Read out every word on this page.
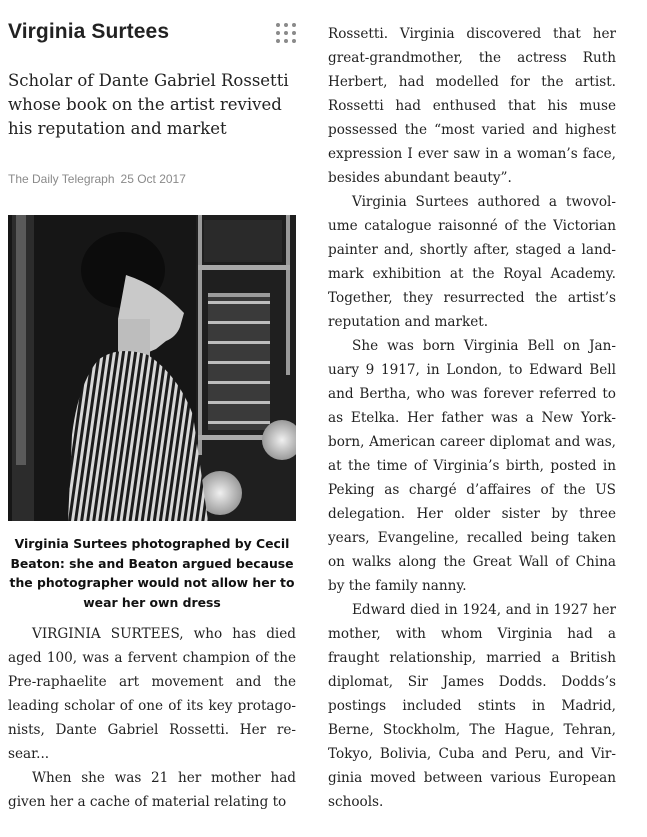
Virginia Surtees

Scholar of Dante Gabriel Rossetti whose book on the artist revived his reputation and market

The Daily Telegraph 25 Oct 2017
Virginia Surtees photographed by Cecil Beaton: she and Beaton argued because the photographer would not allow her to wear her own dress

VIRGINIA SURTEES, who has died aged 100, was a fervent champion of the Pre-raphaelite art movement and the leading scholar of one of its key protago-nists, Dante Gabriel Rossetti. Her re-sear...

When she was 21 her mother had given her a cache of material relating to

Rossetti. Virginia discovered that her great-grandmother, the actress Ruth Herbert, had modelled for the artist. Rossetti had enthused that his muse possessed the “most varied and highest expression I ever saw in a woman’s face, besides abundant beauty”.

Virginia Surtees authored a twovol-ume catalogue raisonné of the Victorian painter and, shortly after, staged a land-mark exhibition at the Royal Academy. Together, they resurrected the artist’s reputation and market.

She was born Virginia Bell on Jan-uary 9 1917, in London, to Edward Bell and Bertha, who was forever referred to as Etelka. Her father was a New York-born, American career diplomat and was, at the time of Virginia’s birth, posted in Peking as chargé d’affaires of the US delegation. Her older sister by three years, Evangeline, recalled being taken on walks along the Great Wall of China by the family nanny.

Edward died in 1924, and in 1927 her mother, with whom Virginia had a fraught relationship, married a British diplomat, Sir James Dodds. Dodds’s postings included stints in Madrid, Berne, Stockholm, The Hague, Tehran, Tokyo, Bolivia, Cuba and Peru, and Vir-ginia moved between various European schools.
